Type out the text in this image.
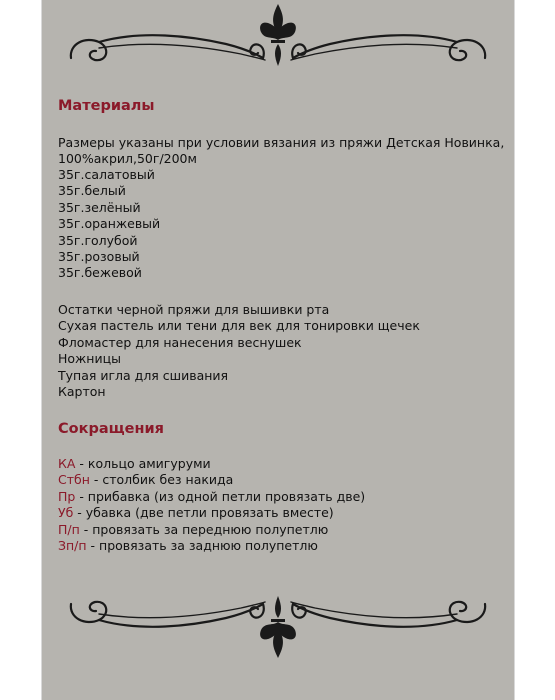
Материалы
Размеры указаны при условии вязания из пряжи Детская Новинка,
100%акрил,50г/200м
35г.салатовый
35г.белый
35г.зелёный
35г.оранжевый
35г.голубой
35г.розовый
35г.бежевой
Остатки черной пряжи для вышивки рта
Сухая пастель или тени для век для тонировки щечек
Фломастер для нанесения веснушек
Ножницы
Тупая игла для сшивания
Картон
Сокращения
КА - кольцо амигуруми
Стбн - столбик без накида
Пр - прибавка (из одной петли провязать две)
Уб - убавка (две петли провязать вместе)
П/п - провязать за переднюю полупетлю
Зп/п - провязать за заднюю полупетлю
